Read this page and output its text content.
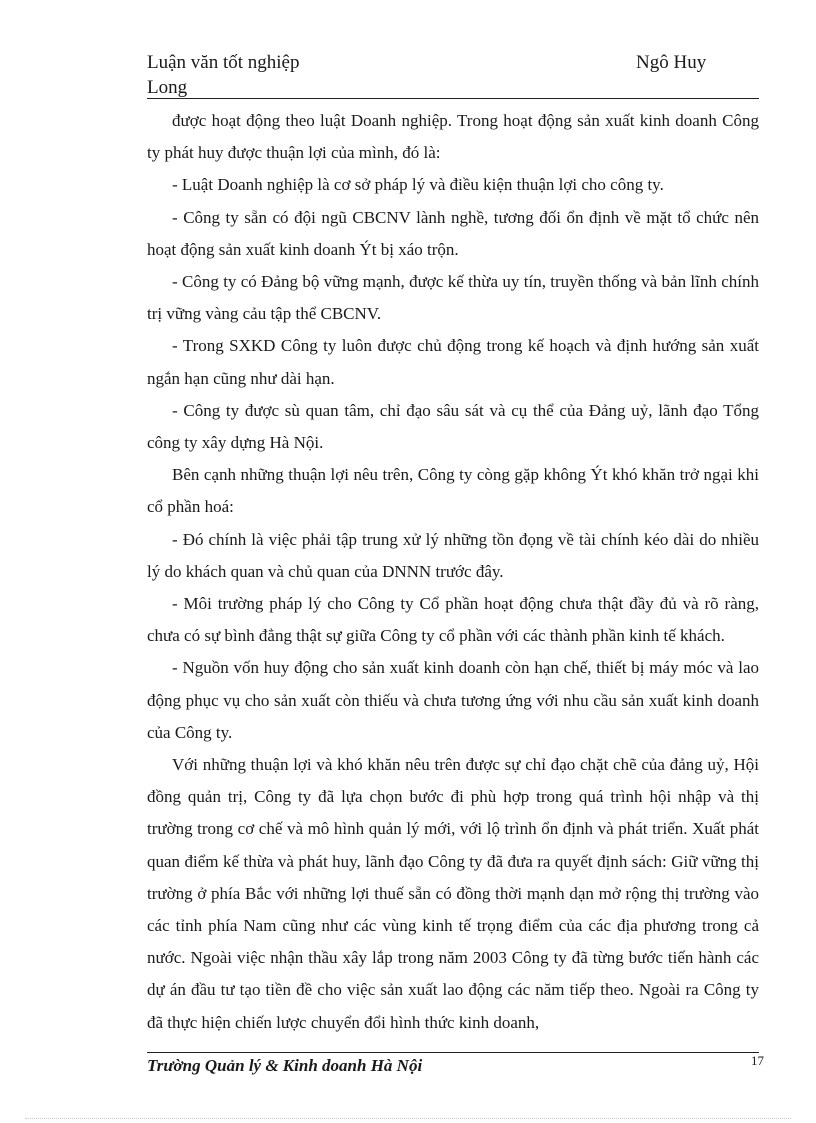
Luận văn tốt nghiệp
Long
Ngô Huy

được hoạt động theo luật Doanh nghiệp. Trong hoạt động sản xuất kinh doanh Công ty phát huy được thuận lợi của mình, đó là:

- Luật Doanh nghiệp là cơ sở pháp lý và điều kiện thuận lợi cho công ty.

- Công ty sẵn có đội ngũ CBCNV lành nghề, tương đối ổn định về mặt tổ chức nên hoạt động sản xuất kinh doanh Ýt bị xáo trộn.

- Công ty có Đảng bộ vững mạnh, được kế thừa uy tín, truyền thống và bản lĩnh chính trị vững vàng cảu tập thể CBCNV.

- Trong SXKD Công ty luôn được chủ động trong kế hoạch và định hướng sản xuất ngắn hạn cũng như dài hạn.

- Công ty được sù quan tâm, chỉ đạo sâu sát và cụ thể của Đảng uỷ, lãnh đạo Tổng công ty xây dựng Hà Nội.

Bên cạnh những thuận lợi nêu trên, Công ty còng gặp không Ýt khó khăn trở ngại khi cổ phần hoá:

- Đó chính là việc phải tập trung xử lý những tồn đọng về tài chính kéo dài do nhiều lý do khách quan và chủ quan của DNNN trước đây.

- Môi trường pháp lý cho Công ty Cổ phần hoạt động chưa thật đầy đủ và rõ ràng, chưa có sự bình đẳng thật sự giữa Công ty cổ phần với các thành phần kinh tế khách.

- Nguồn vốn huy động cho sản xuất kinh doanh còn hạn chế, thiết bị máy móc và lao động phục vụ cho sản xuất còn thiếu và chưa tương ứng với nhu cầu sản xuất kinh doanh của Công ty.

Với những thuận lợi và khó khăn nêu trên được sự chỉ đạo chặt chẽ của đảng uỷ, Hội đồng quản trị, Công ty đã lựa chọn bước đi phù hợp trong quá trình hội nhập và thị trường trong cơ chế và mô hình quản lý mới, với lộ trình ổn định và phát triển. Xuất phát quan điểm kế thừa và phát huy, lãnh đạo Công ty đã đưa ra quyết định sách: Giữ vững thị trường ở phía Bắc với những lợi thuế sẵn có đồng thời mạnh dạn mở rộng thị trường vào các tỉnh phía Nam cũng như các vùng kinh tế trọng điểm của các địa phương trong cả nước. Ngoài việc nhận thầu xây lắp trong năm 2003 Công ty đã từng bước tiến hành các dự án đầu tư tạo tiền đề cho việc sản xuất lao động các năm tiếp theo. Ngoài ra Công ty đã thực hiện chiến lược chuyển đổi hình thức kinh doanh,

Trường Quản lý & Kinh doanh Hà Nội	17
